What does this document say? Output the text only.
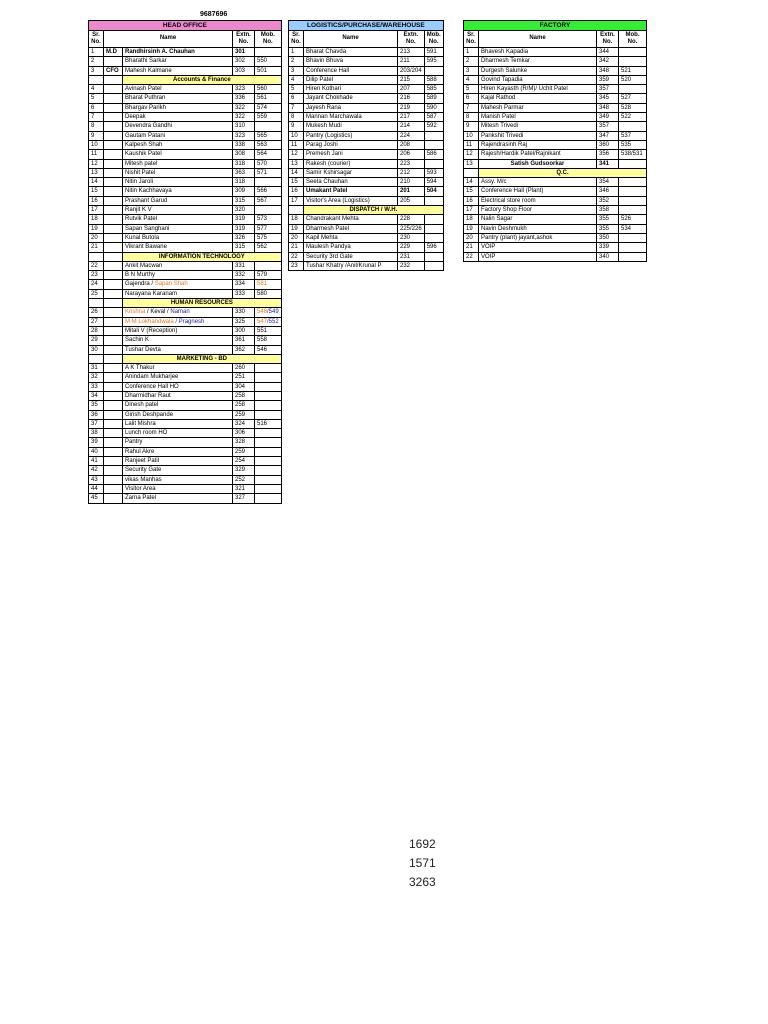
9687696
HEAD OFFICE				
Sr. No.	Name		Extn. No.	Mob. No.
1	M.D	Randhirsinh A. Chauhan	301	
2		Bharathi Sarkar	302	550
3	CFO	Mahesh Kalmane	303	501
		Accounts & Finance		
4		Avinash Patel	323	560
5		Bharat Puthran	336	561
6		Bhargav Parikh	322	574
7		Deepak	322	559
8		Devendra Gandhi	310	
9		Gautam Patani	323	565
10		Kalpesh Shah	338	563
11		Kaushik Patel	308	564
12		Mitesh patel	318	570
13		Nishit Patel	363	571
14		Nitin Jaroli	318	
15		Nitin Kachhavaya	309	566
16		Prashant Garud	315	567
17		Ranjit K V	320	
18		Rutvik Patel	319	573
19		Sapan Sanghani	319	577
20		Kunal Butola	326	575
21		Vikrant Bawane	315	562
		INFORMATION TECHNOLOGY		
22		Ankit Macwan	331	
23		B N Murthy	332	579
24		Gajendra / Sapan Shah	334	581
25		Narayana Karanam	333	580
		HUMAN RESOURCES		
26		Krishna / Keval / Naman	330	548/549
27		M M Lokhandwala / Pragnesh	325	547/552
28		Mitali V (Reception)	300	551
29		Sachin K	361	558
30		Tushar Devta	362	546
		MARKETING - BD		
31		A K Thakur	260	
32		Anindam Mukharjee	251	
33		Conference Hall HO	304	
34		Dharmidhar Raut	258	
35		Dinesh patel	258	
36		Girish Deshpande	259	
37		Lalit Mishra	324	516
38		Lunch room HO	306	
39		Pantry	328	
40		Rahul Akre	259	
41		Ranjeet Patil	254	
42		Security Gate	329	
43		vikas Manhas	252	
44		Visitor Area	321	
45		Zarna Patel	327	
LOGISTICS/PURCHASE/WAREHOUSE			
Sr. No.	Name	Extn. No.	Mob. No.
1	Bharat Chavda	213	591
2	Bhavin Bhuva	211	595
3	Conference Hall	203/204	
4	Dilip Patel	215	588
5	Hiren Kothari	207	585
6	Jayant Chokhade	216	589
7	Jayesh Rana	219	590
8	Mannan Marchawala	217	587
9	Mukesh Mudi	214	592
10	Pantry (Logistics)	224	
11	Parag Joshi	208	
12	Premesh Jani	206	586
13	Rakesh (courier)	223	
14	Samir Kshirsagar	212	593
15	Seeta Chauhan	210	594
16	Umakant Patel	201	504
17	Visitor's Area (Logistics)	205	
	DISPATCH / W.H.		
18	Chandrakant Mehta	228	
19	Dharmesh Patel	225/226	
20	Kapil Mehta	230	
21	Maulesh Pandya	229	596
22	Security 3rd Gate	231	
23	Tushar Khatry /Anil/Krunal P	232	
FACTORY			
Sr. No.	Name	Extn. No.	Mob. No.
1	Bhavesh Kapadia	344	
2	Dharmesh Temkar	342	
3	Durgesh Salunke	348	521
4	Govind Tapadia	359	520
5	Hiren Kayasth (R/M)/ Uchit Patel	357	
6	Kajal Rathod	345	527
7	Mahesh Parmar	348	528
8	Manish Patel	349	522
9	Mitesh Trivedi	357	
10	Pankshit Trivedi	347	537
11	Rajendrasinh Raj	360	535
12	Rajesh/Hardik Patel/Rajnikant	356	538/531
13	Satish Gudsoorkar	341	
	Q.C.		
14	Assy. M/c	354	
15	Conference Hall (Plant)	346	
16	Electrical store room	352	
17	Factory Shop Floor	358	
18	Nalin Sagar	355	526
19	Navin Deshmukh	355	534
20	Pantry (plant) jayant,ashok	350	
21	VOIP	339	
22	VOIP	340	
1692
1571
3263
